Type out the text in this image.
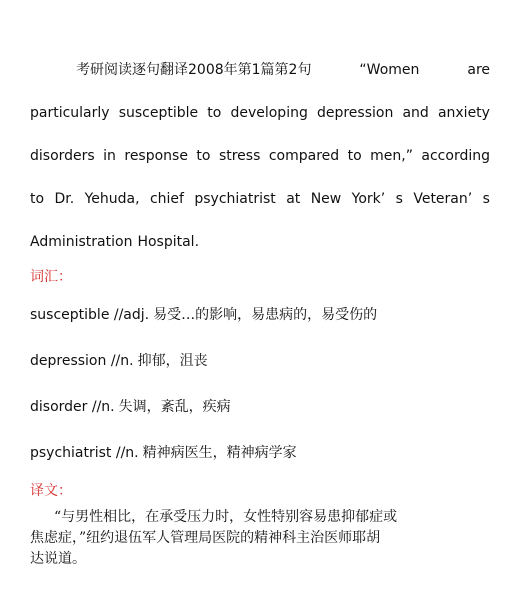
考研阅读逐句翻译2008年第1篇第2句	“Women	are
particularly susceptible to developing depression and anxiety
disorders in response to stress compared to men,” according
to Dr. Yehuda, chief psychiatrist at New York’ s Veteran’ s
Administration Hospital.
词汇：
susceptible //adj. 易受…的影响，易患病的，易受伤的
depression //n. 抑郁，沮丧
disorder //n. 失调，紊乱，疾病
psychiatrist //n. 精神病医生，精神病学家
译文：
“与男性相比，在承受压力时，女性特别容易患抑郁症或
焦虑症，”纽约退伍军人管理局医院的精神科主治医师耶胡
达说道。
